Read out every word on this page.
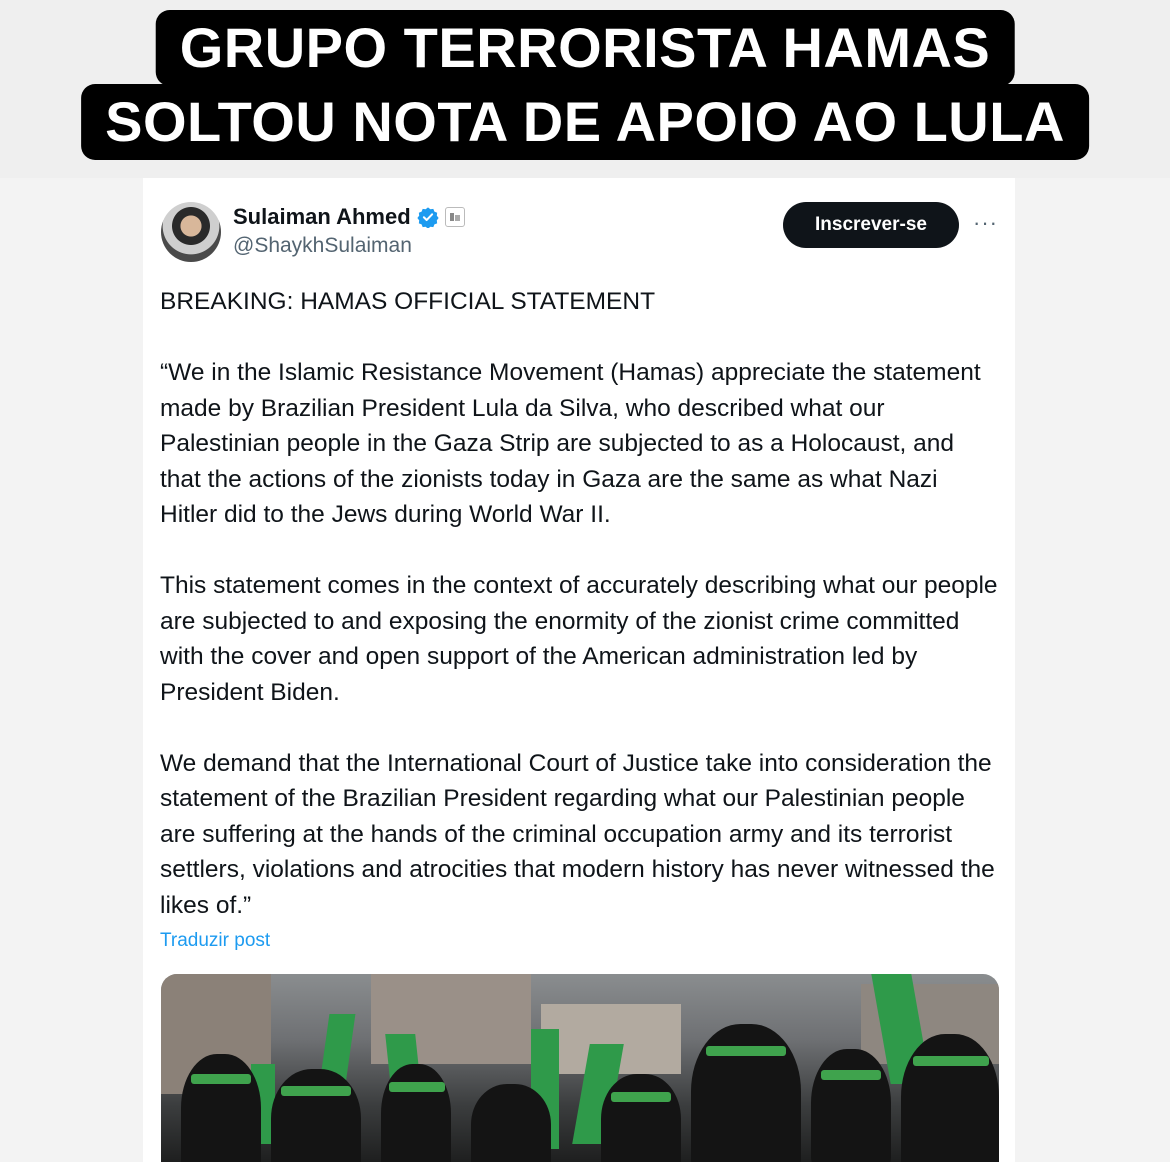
GRUPO TERRORISTA HAMAS
SOLTOU NOTA DE APOIO AO LULA
Sulaiman Ahmed
@ShaykhSulaiman
Inscrever-se	···

BREAKING: HAMAS OFFICIAL STATEMENT

“We in the Islamic Resistance Movement (Hamas) appreciate the statement made by Brazilian President Lula da Silva, who described what our Palestinian people in the Gaza Strip are subjected to as a Holocaust, and that the actions of the zionists today in Gaza are the same as what Nazi Hitler did to the Jews during World War II.

This statement comes in the context of accurately describing what our people are subjected to and exposing the enormity of the zionist crime committed with the cover and open support of the American administration led by President Biden.

We demand that the International Court of Justice take into consideration the statement of the Brazilian President regarding what our Palestinian people are suffering at the hands of the criminal occupation army and its terrorist settlers, violations and atrocities that modern history has never witnessed the likes of.”

Traduzir post
